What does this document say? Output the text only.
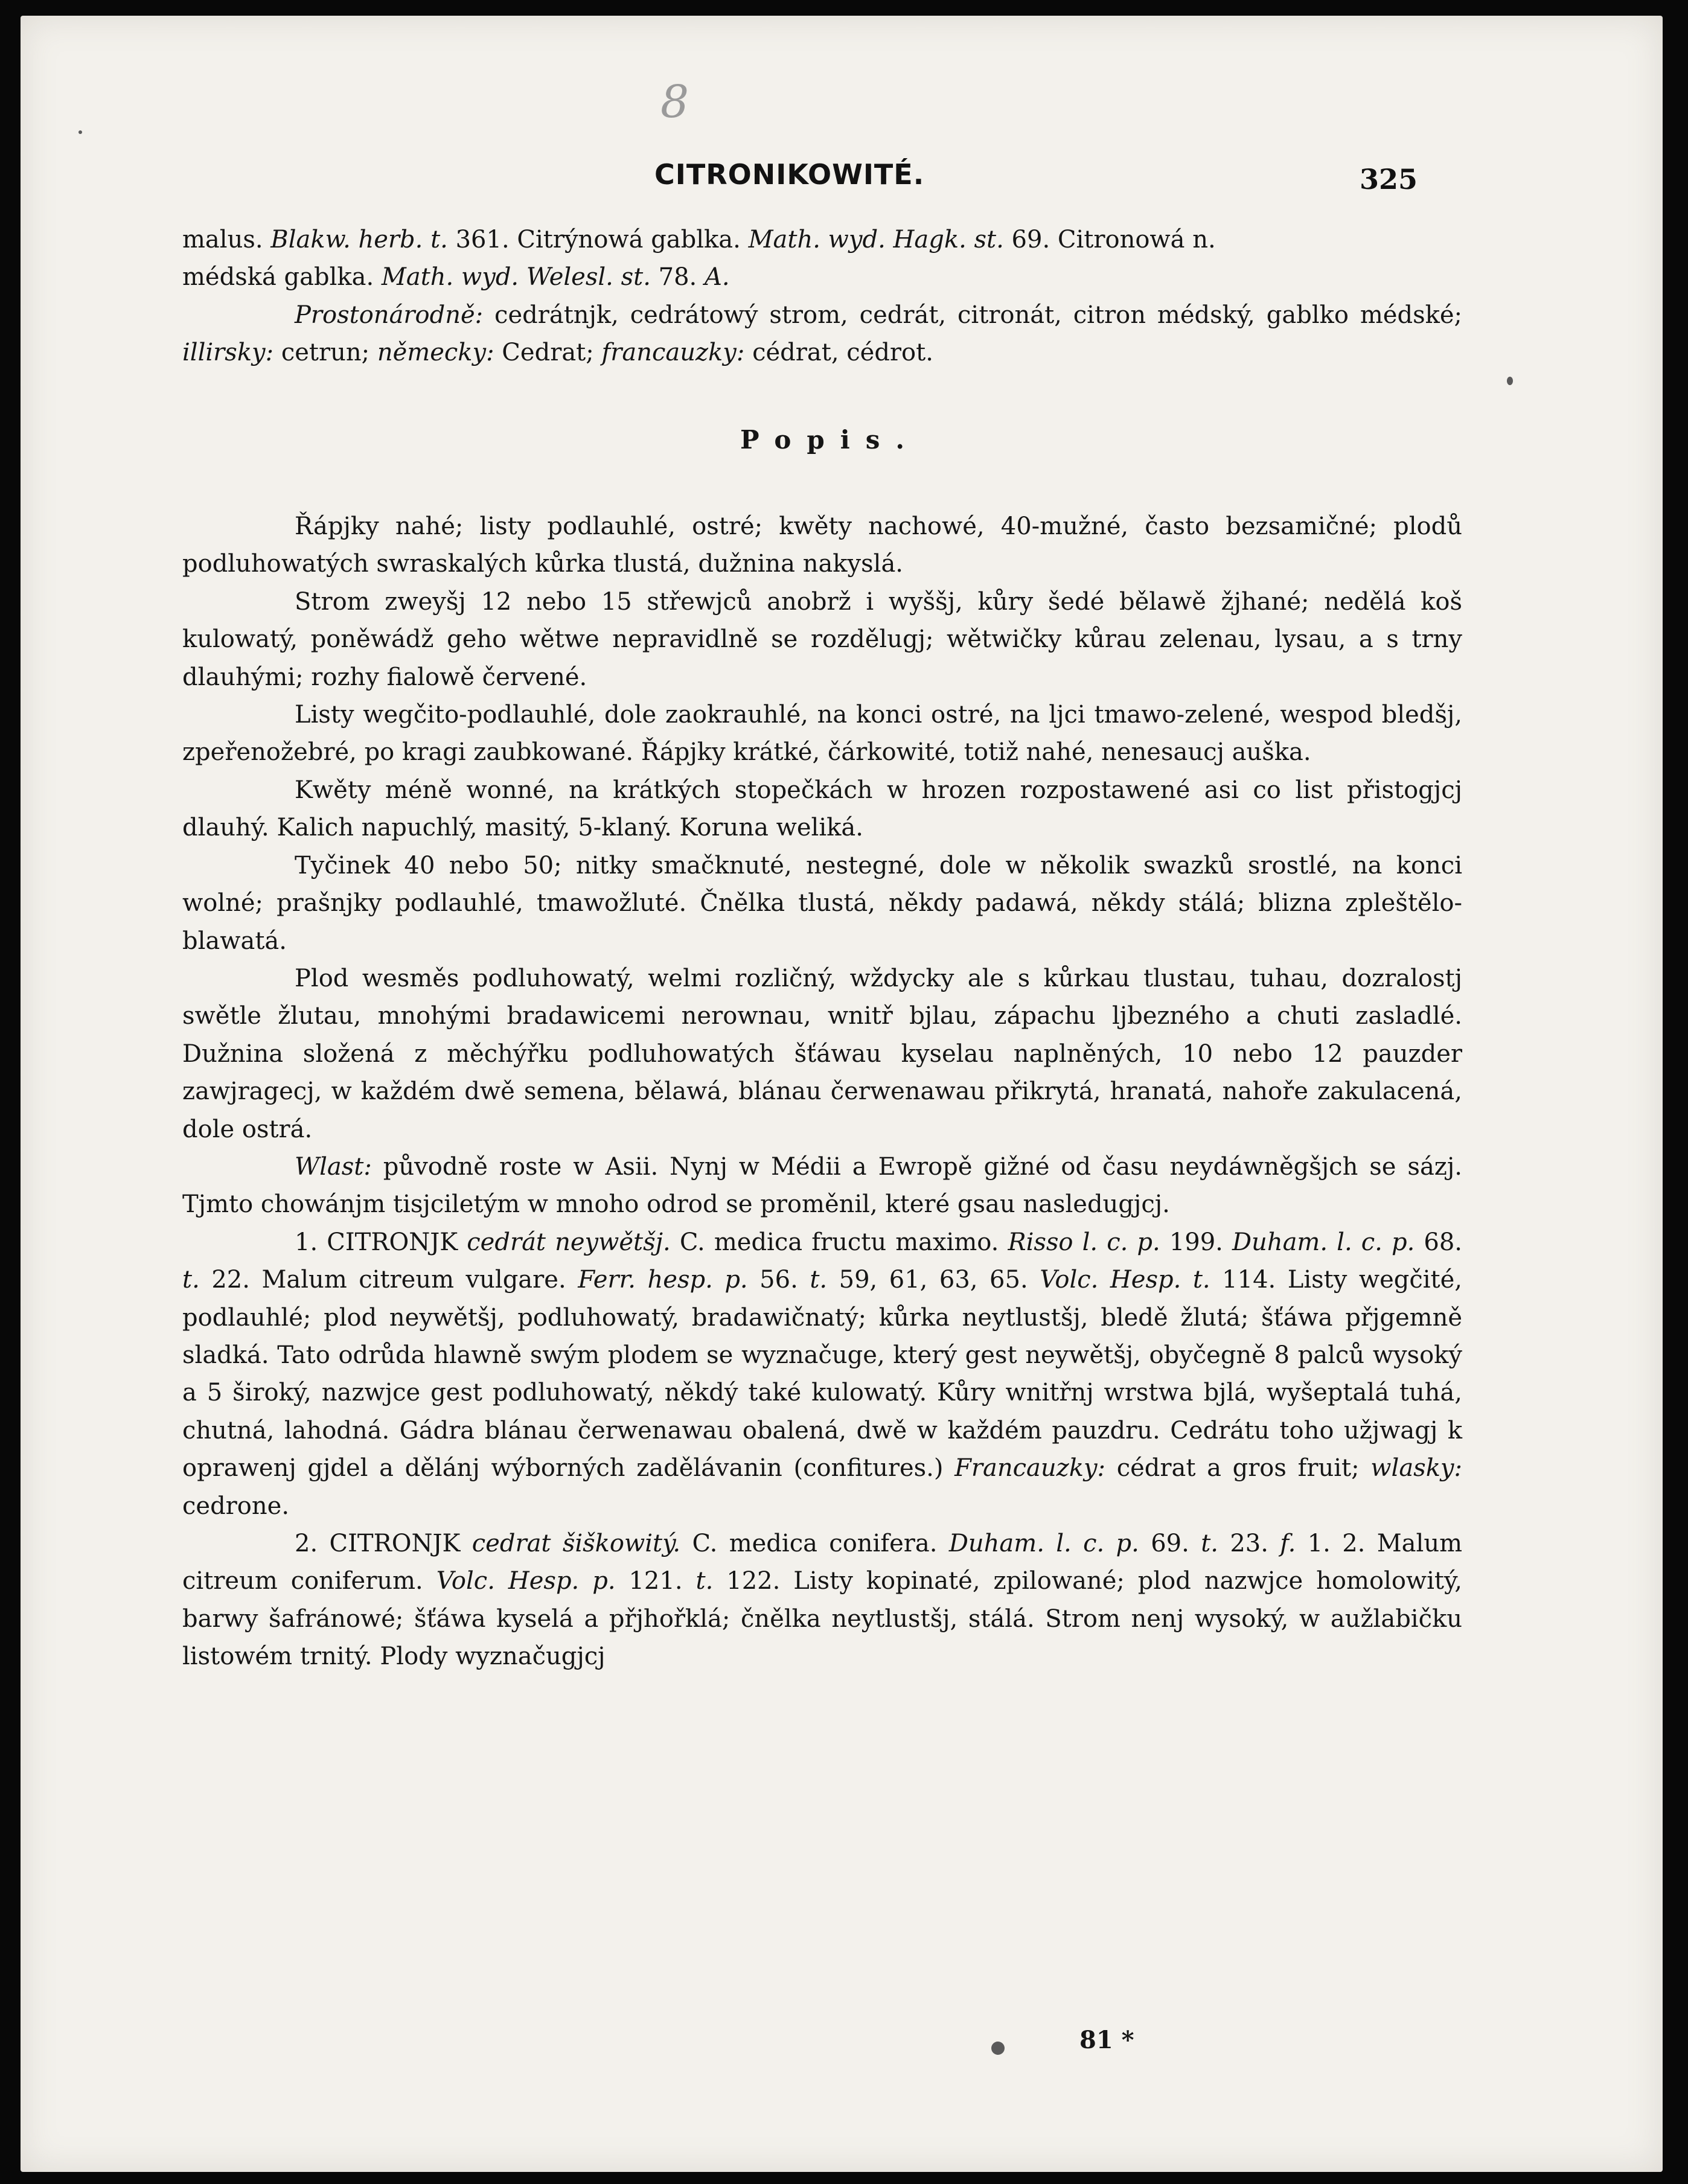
8
CITRONIKOWITÉ.	325

malus. Blakw. herb. t. 361. Citrýnowá gablka. Math. wyd. Hagk. st. 69. Citronowá n.

médská gablka. Math. wyd. Welesl. st. 78. A.

Prostonárodně: cedrátnjk, cedrátowý strom, cedrát, citronát, citron médský, gablko médské; illirsky: cetrun; německy: Cedrat; francauzky: cédrat, cédrot.

Popis.

Řápjky nahé; listy podlauhlé, ostré; kwěty nachowé, 40-mužné, často bezsamičné; plodů podluhowatých swraskalých kůrka tlustá, dužnina nakyslá.

Strom zweyšj 12 nebo 15 střewjců anobrž i wyššj, kůry šedé bělawě žjhané; nedělá koš kulowatý, poněwádž geho wětwe nepravidlně se rozdělugj; wětwičky kůrau zelenau, lysau, a s trny dlauhými; rozhy fialowě červené.

Listy wegčito-podlauhlé, dole zaokrauhlé, na konci ostré, na ljci tmawo-zelené, wespod bledšj, zpeřenožebré, po kragi zaubkowané. Řápjky krátké, čárkowité, totiž nahé, nenesaucj auška.

Kwěty méně wonné, na krátkých stopečkách w hrozen rozpostawené asi co list přistogjcj dlauhý. Kalich napuchlý, masitý, 5-klaný. Koruna weliká.

Tyčinek 40 nebo 50; nitky smačknuté, nestegné, dole w několik swazků srostlé, na konci wolné; prašnjky podlauhlé, tmawožluté. Čnělka tlustá, někdy padawá, někdy stálá; blizna zpleštělo-blawatá.

Plod wesměs podluhowatý, welmi rozličný, wždycky ale s kůrkau tlustau, tuhau, dozralostj swětle žlutau, mnohými bradawicemi nerownau, wnitř bjlau, zápachu ljbezného a chuti zasladlé. Dužnina složená z měchýřku podluhowatých šťáwau kyselau naplněných, 10 nebo 12 pauzder zawjragecj, w každém dwě semena, bělawá, blánau čerwenawau přikrytá, hranatá, nahoře zakulacená, dole ostrá.

Wlast: původně roste w Asii. Nynj w Médii a Ewropě gižné od času neydáwněgšjch se sázj. Tjmto chowánjm tisjciletým w mnoho odrod se proměnil, které gsau nasledugjcj.

1. CITRONJK cedrát neywětšj. C. medica fructu maximo. Risso l. c. p. 199. Duham. l. c. p. 68. t. 22. Malum citreum vulgare. Ferr. hesp. p. 56. t. 59, 61, 63, 65. Volc. Hesp. t. 114. Listy wegčité, podlauhlé; plod neywětšj, podluhowatý, bradawičnatý; kůrka neytlustšj, bledě žlutá; šťáwa přjgemně sladká. Tato odrůda hlawně swým plodem se wyznačuge, který gest neywětšj, obyčegně 8 palců wysoký a 5 široký, nazwjce gest podluhowatý, někdý také kulowatý. Kůry wnitřnj wrstwa bjlá, wyšeptalá tuhá, chutná, lahodná. Gádra blánau čerwenawau obalená, dwě w každém pauzdru. Cedrátu toho užjwagj k oprawenj gjdel a dělánj wýborných zadělávanin (confitures.) Francauzky: cédrat a gros fruit; wlasky: cedrone.

2. CITRONJK cedrat šiškowitý. C. medica conifera. Duham. l. c. p. 69. t. 23. f. 1. 2. Malum citreum coniferum. Volc. Hesp. p. 121. t. 122. Listy kopinaté, zpilowané; plod nazwjce homolowitý, barwy šafránowé; šťáwa kyselá a přjhořklá; čnělka neytlustšj, stálá. Strom nenj wysoký, w aužlabičku listowém trnitý. Plody wyznačugjcj

81 *
